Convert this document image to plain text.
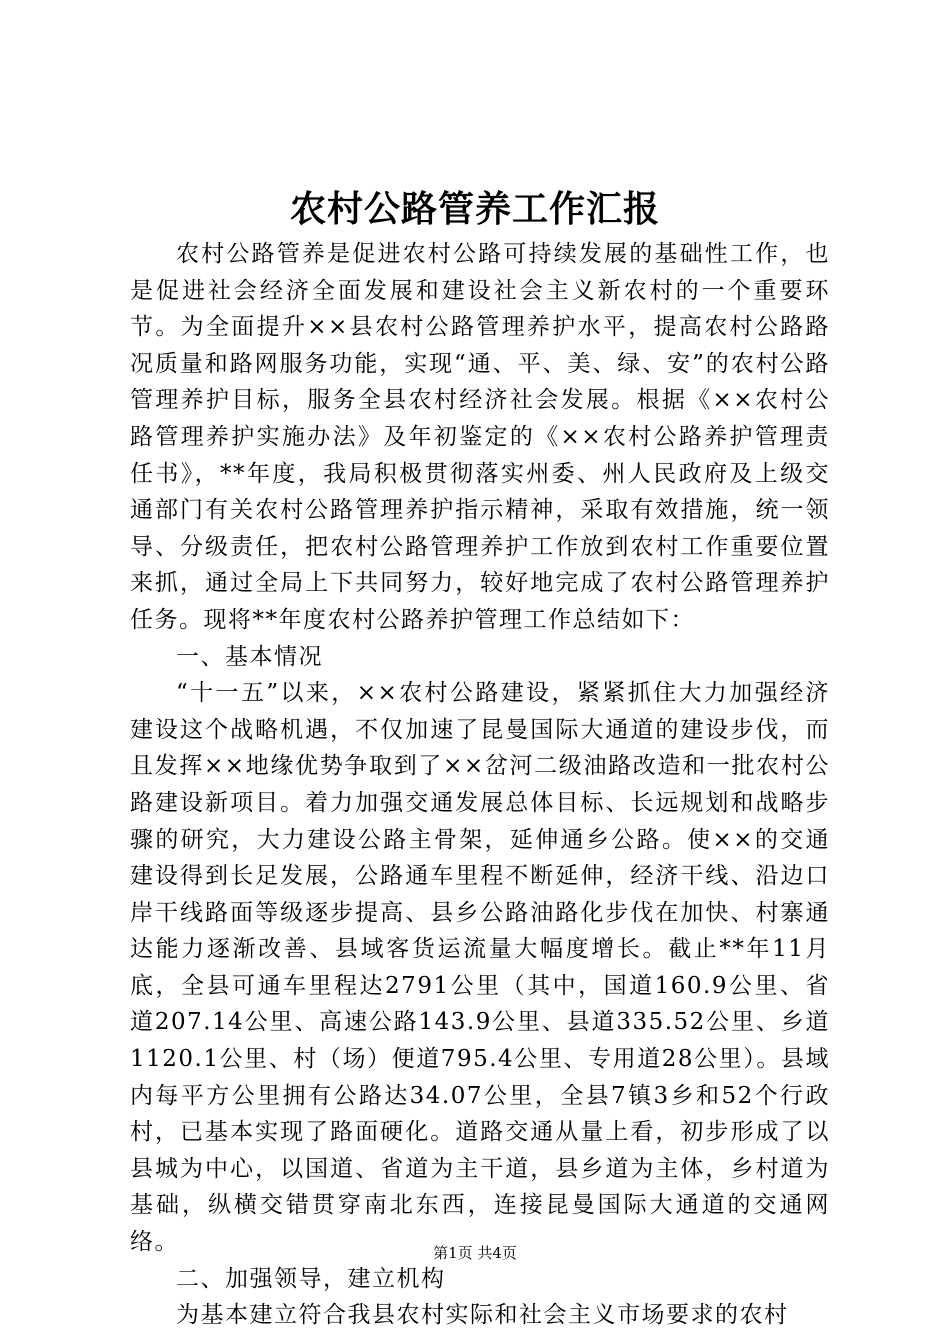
农村公路管养工作汇报

农村公路管养是促进农村公路可持续发展的基础性工作，也是促进社会经济全面发展和建设社会主义新农村的一个重要环节。为全面提升××县农村公路管理养护水平，提高农村公路路况质量和路网服务功能，实现“通、平、美、绿、安”的农村公路管理养护目标，服务全县农村经济社会发展。根据《××农村公路管理养护实施办法》及年初鉴定的《××农村公路养护管理责任书》，**年度，我局积极贯彻落实州委、州人民政府及上级交通部门有关农村公路管理养护指示精神，采取有效措施，统一领导、分级责任，把农村公路管理养护工作放到农村工作重要位置来抓，通过全局上下共同努力，较好地完成了农村公路管理养护任务。现将**年度农村公路养护管理工作总结如下：

一、基本情况

“十一五”以来，××农村公路建设，紧紧抓住大力加强经济建设这个战略机遇，不仅加速了昆曼国际大通道的建设步伐，而且发挥××地缘优势争取到了××岔河二级油路改造和一批农村公路建设新项目。着力加强交通发展总体目标、长远规划和战略步骤的研究，大力建设公路主骨架，延伸通乡公路。使××的交通建设得到长足发展，公路通车里程不断延伸，经济干线、沿边口岸干线路面等级逐步提高、县乡公路油路化步伐在加快、村寨通达能力逐渐改善、县域客货运流量大幅度增长。截止**年11月底，全县可通车里程达2791公里（其中，国道160.9公里、省道207.14公里、高速公路143.9公里、县道335.52公里、乡道1120.1公里、村（场）便道795.4公里、专用道28公里）。县域内每平方公里拥有公路达34.07公里，全县7镇3乡和52个行政村，已基本实现了路面硬化。道路交通从量上看，初步形成了以县城为中心，以国道、省道为主干道，县乡道为主体，乡村道为基础，纵横交错贯穿南北东西，连接昆曼国际大通道的交通网络。

二、加强领导，建立机构

为基本建立符合我县农村实际和社会主义市场要求的农村

第1页 共4页
